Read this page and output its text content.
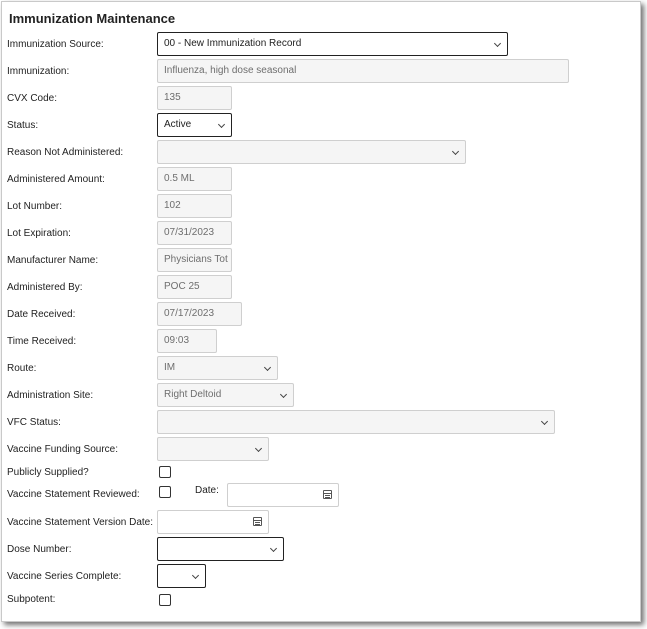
Immunization Maintenance
Immunization Source:	00 - New Immunization Record
Immunization:	Influenza, high dose seasonal
CVX Code:	135
Status:	Active
Reason Not Administered:
Administered Amount:	0.5 ML
Lot Number:	102
Lot Expiration:	07/31/2023
Manufacturer Name:	Physicians Tot
Administered By:	POC 25
Date Received:	07/17/2023
Time Received:	09:03
Route:	IM
Administration Site:	Right Deltoid
VFC Status:
Vaccine Funding Source:
Publicly Supplied?
Vaccine Statement Reviewed:	Date:
Vaccine Statement Version Date:
Dose Number:
Vaccine Series Complete:
Subpotent:
